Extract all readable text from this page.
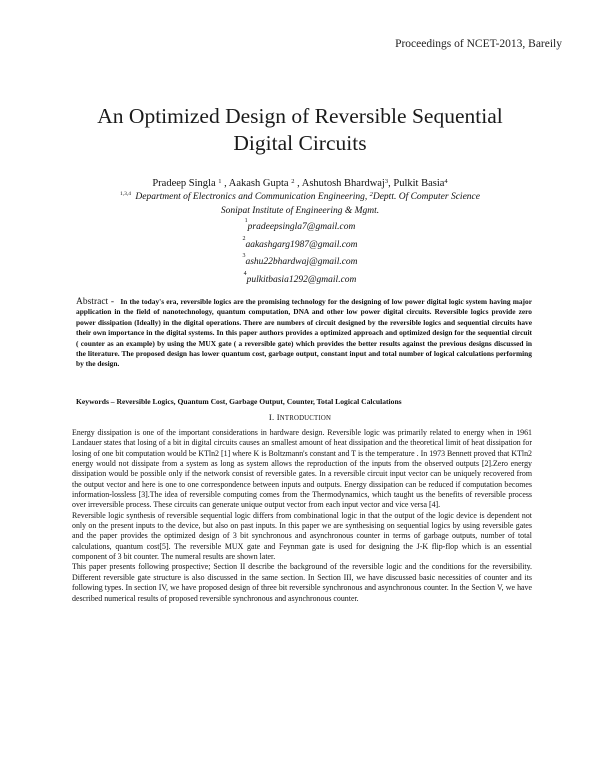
Proceedings of NCET-2013, Bareily
An Optimized Design of Reversible Sequential
Digital Circuits
Pradeep Singla $^1$ , Aakash Gupta $^2$ , Ashutosh Bhardwaj$^3$, Pulkit Basia$^4$
$^{1,3,4}$ Department of Electronics and Communication Engineering, $^2$Deptt. Of Computer Science
Sonipat Institute of Engineering & Mgmt.
$^1$pradeepsingla7@gmail.com
$^2$aakashgarg1987@gmail.com
$^3$ashu22bhardwaj@gmail.com
$^4$pulkitbasia1292@gmail.com
Abstract - In the today's era, reversible logics are the promising technology for the designing of low power digital logic system having major application in the field of nanotechnology, quantum computation, DNA and other low power digital circuits. Reversible logics provide zero power dissipation (Ideally) in the digital operations. There are numbers of circuit designed by the reversible logics and sequential circuits have their own importance in the digital systems. In this paper authors provides a optimized approach and optimized design for the sequential circuit ( counter as an example) by using the MUX gate ( a reversible gate) which provides the better results against the previous designs discussed in the literature. The proposed design has lower quantum cost, garbage output, constant input and total number of logical calculations performing by the design.
Keywords – Reversible Logics, Quantum Cost, Garbage Output, Counter, Total Logical Calculations
I. INTRODUCTION

Energy dissipation is one of the important considerations in hardware design. Reversible logic was primarily related to energy when in 1961 Landauer states that losing of a bit in digital circuits causes an smallest amount of heat dissipation and the theoretical limit of heat dissipation for losing of one bit computation would be KTln2 [1] where K is Boltzmann's constant and T is the temperature . In 1973 Bennett proved that KTln2 energy would not dissipate from a system as long as system allows the reproduction of the inputs from the observed outputs [2].Zero energy dissipation would be possible only if the network consist of reversible gates. In a reversible circuit input vector can be uniquely recovered from the output vector and here is one to one correspondence between inputs and outputs. Energy dissipation can be reduced if computation becomes information-lossless [3].The idea of reversible computing comes from the Thermodynamics, which taught us the benefits of reversible process over irreversible process. These circuits can generate unique output vector from each input vector and vice versa [4].

Reversible logic synthesis of reversible sequential logic differs from combinational logic in that the output of the logic device is dependent not only on the present inputs to the device, but also on past inputs. In this paper we are synthesising on sequential logics by using reversible gates and the paper provides the optimized design of 3 bit synchronous and asynchronous counter in terms of garbage outputs, number of total calculations, quantum cost[5]. The reversible MUX gate and Feynman gate is used for designing the J-K flip-flop which is an essential component of 3 bit counter. The numeral results are shown later.

This paper presents following prospective; Section II describe the background of the reversible logic and the conditions for the reversibility. Different reversible gate structure is also discussed in the same section. In Section III, we have discussed basic necessities of counter and its following types. In section IV, we have proposed design of three bit reversible synchronous and asynchronous counter. In the Section V, we have described numerical results of proposed reversible synchronous and asynchronous counter.
